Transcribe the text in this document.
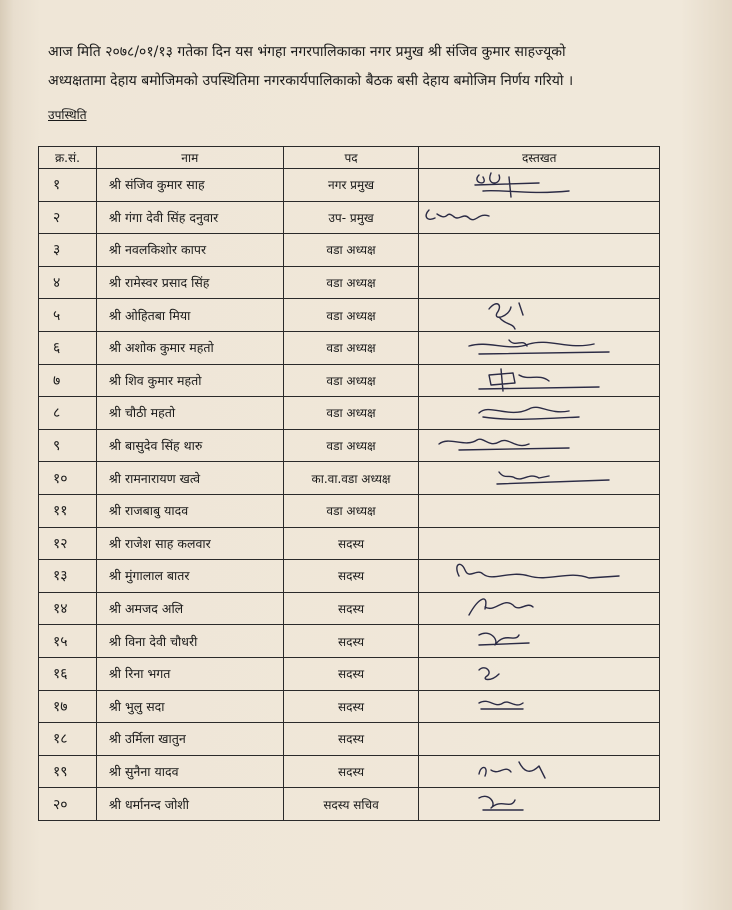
आज मिति २०७८/०१/१३ गतेका दिन यस भंगहा नगरपालिकाका नगर प्रमुख श्री संजिव कुमार साहज्यूको

अध्यक्षतामा देहाय बमोजिमको उपस्थितिमा नगरकार्यपालिकाको बैठक बसी देहाय बमोजिम निर्णय गरियो ।

उपस्थिति
क्र.सं.	नाम	पद	दस्तखत
१	श्री संजिव कुमार साह	नगर प्रमुख	

२	श्री गंगा देवी सिंह दनुवार	उप- प्रमुख	

३	श्री नवलकिशोर कापर	वडा अध्यक्ष	
४	श्री रामेस्वर प्रसाद सिंह	वडा अध्यक्ष	
५	श्री ओहितबा मिया	वडा अध्यक्ष	

६	श्री अशोक कुमार महतो	वडा अध्यक्ष	

७	श्री शिव कुमार महतो	वडा अध्यक्ष	

८	श्री चौठी महतो	वडा अध्यक्ष	

९	श्री बासुदेव सिंह थारु	वडा अध्यक्ष	

१०	श्री रामनारायण खत्वे	का.वा.वडा अध्यक्ष	

११	श्री राजबाबु यादव	वडा अध्यक्ष	
१२	श्री राजेश साह कलवार	सदस्य	
१३	श्री मुंगालाल बातर	सदस्य	

१४	श्री अमजद अलि	सदस्य	

१५	श्री विना देवी चौधरी	सदस्य	

१६	श्री रिना भगत	सदस्य	

१७	श्री भुलु सदा	सदस्य	

१८	श्री उर्मिला खातुन	सदस्य	
१९	श्री सुनैना यादव	सदस्य	

२०	श्री धर्मानन्द जोशी	सदस्य सचिव	
